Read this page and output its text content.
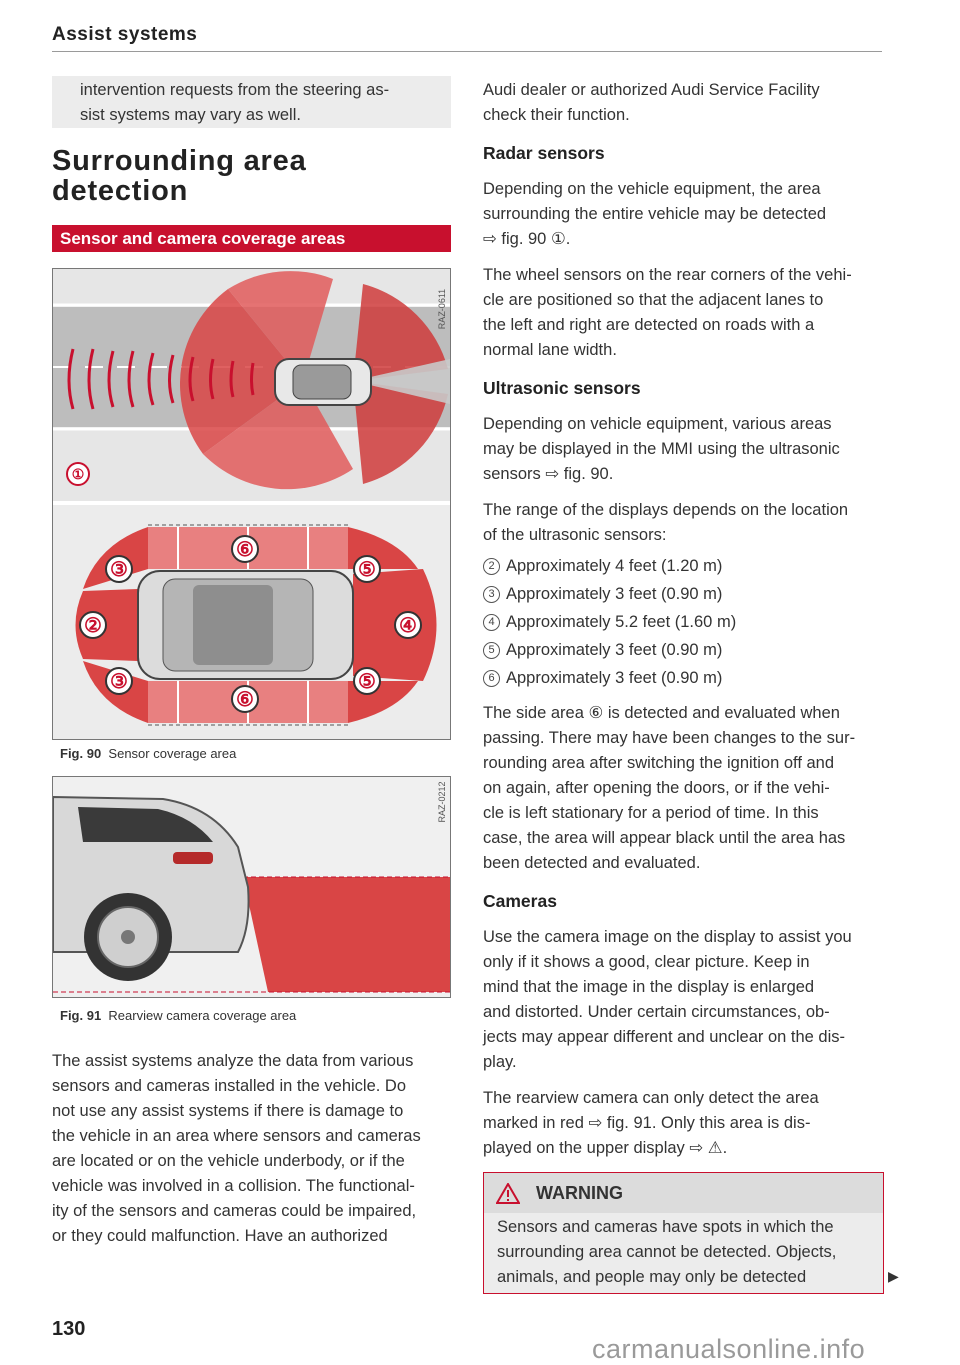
Assist systems
intervention requests from the steering as-
sist systems may vary as well.
Surrounding area
detection
Sensor and camera coverage areas
①
RAZ-0611
③
⑥
⑤
②	④
③
⑥
⑤
Fig. 90 Sensor coverage area
RAZ-0212
Fig. 91 Rearview camera coverage area
The assist systems analyze the data from various
sensors and cameras installed in the vehicle. Do
not use any assist systems if there is damage to
the vehicle in an area where sensors and cameras
are located or on the vehicle underbody, or if the
vehicle was involved in a collision. The functional-
ity of the sensors and cameras could be impaired,
or they could malfunction. Have an authorized
130
Audi dealer or authorized Audi Service Facility
check their function.
Radar sensors
Depending on the vehicle equipment, the area
surrounding the entire vehicle may be detected
⇨ fig. 90 ①.
The wheel sensors on the rear corners of the vehi-
cle are positioned so that the adjacent lanes to
the left and right are detected on roads with a
normal lane width.
Ultrasonic sensors
Depending on vehicle equipment, various areas
may be displayed in the MMI using the ultrasonic
sensors ⇨ fig. 90.
The range of the displays depends on the location
of the ultrasonic sensors:
2 Approximately 4 feet (1.20 m)
3 Approximately 3 feet (0.90 m)
4 Approximately 5.2 feet (1.60 m)
5 Approximately 3 feet (0.90 m)
6 Approximately 3 feet (0.90 m)
The side area ⑥ is detected and evaluated when
passing. There may have been changes to the sur-
rounding area after switching the ignition off and
on again, after opening the doors, or if the vehi-
cle is left stationary for a period of time. In this
case, the area will appear black until the area has
been detected and evaluated.
Cameras
Use the camera image on the display to assist you
only if it shows a good, clear picture. Keep in
mind that the image in the display is enlarged
and distorted. Under certain circumstances, ob-
jects may appear different and unclear on the dis-
play.
The rearview camera can only detect the area
marked in red ⇨ fig. 91. Only this area is dis-
played on the upper display ⇨ ⚠.
WARNING
Sensors and cameras have spots in which the
surrounding area cannot be detected. Objects,
animals, and people may only be detected	▶
carmanualsonline.info
